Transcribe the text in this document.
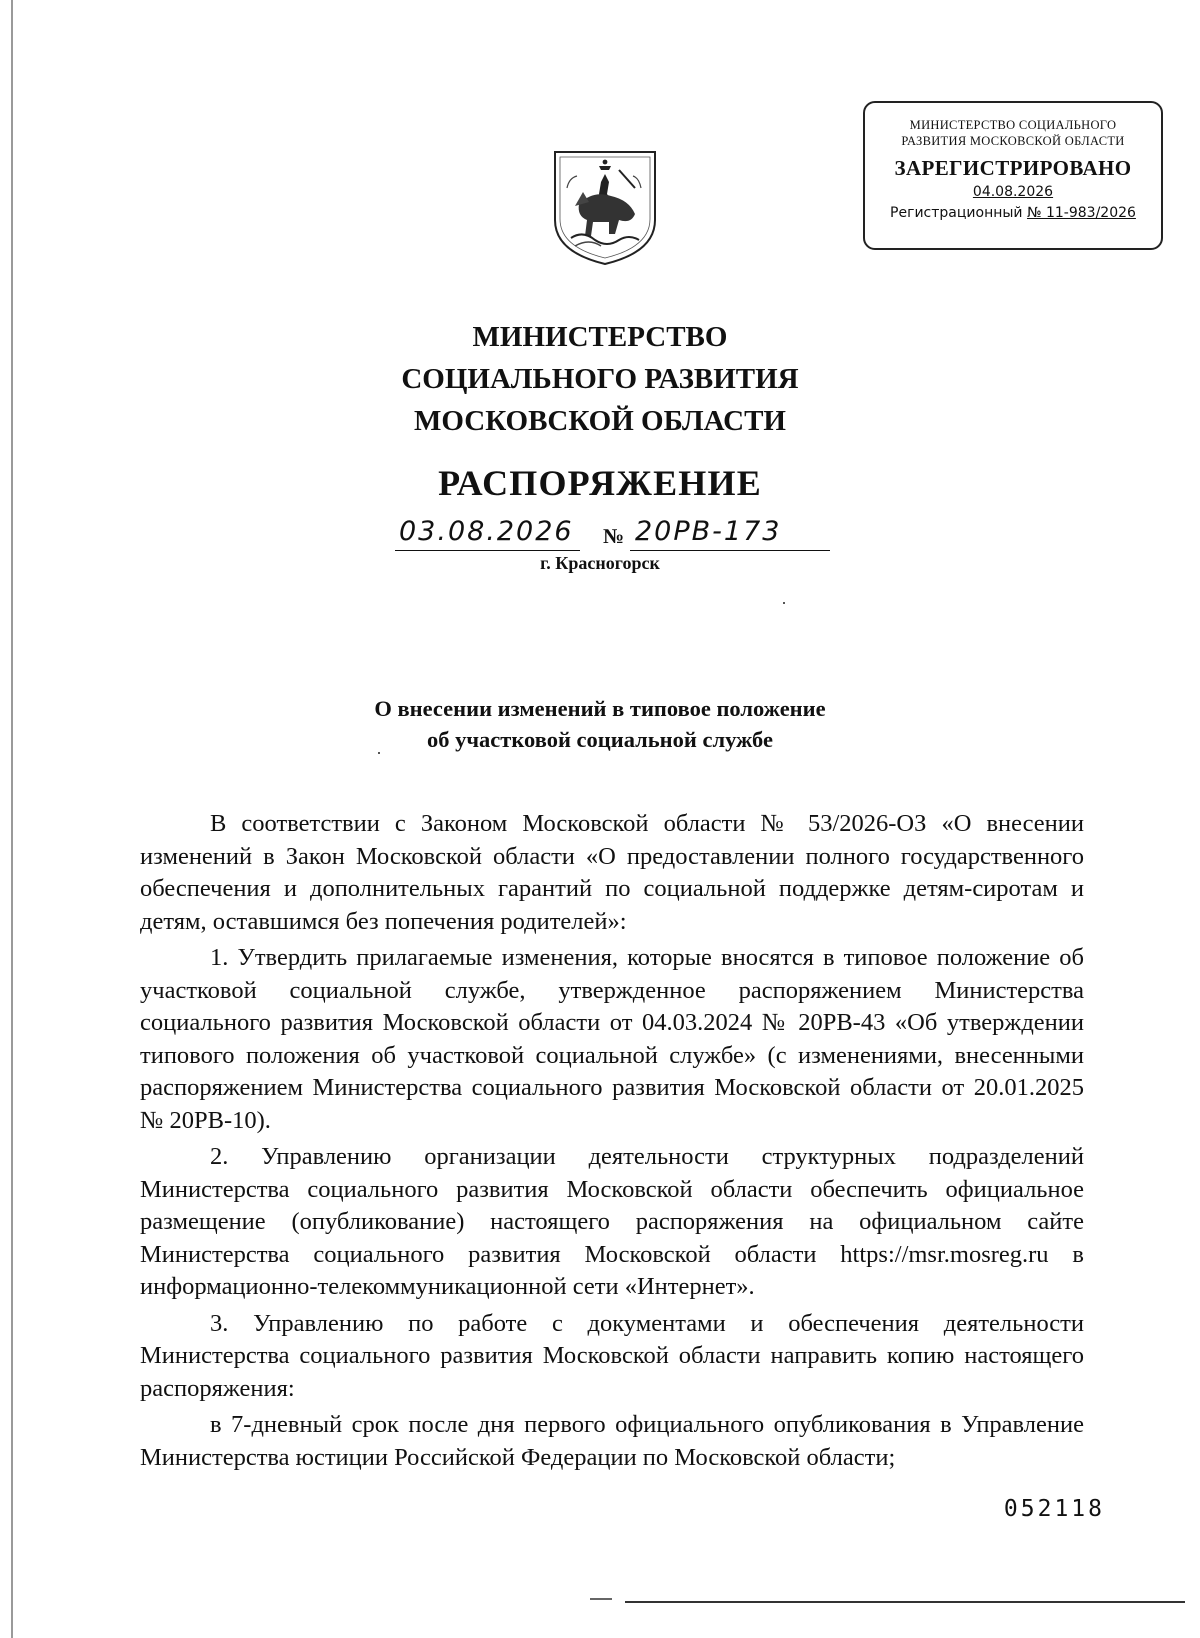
МИНИСТЕРСТВО СОЦИАЛЬНОГО
РАЗВИТИЯ МОСКОВСКОЙ ОБЛАСТИ
ЗАРЕГИСТРИРОВАНО
04.08.2026
Регистрационный № 11-983/2026
МИНИСТЕРСТВО
СОЦИАЛЬНОГО РАЗВИТИЯ
МОСКОВСКОЙ ОБЛАСТИ
РАСПОРЯЖЕНИЕ
03.08.2026 № 20РВ-173
г. Красногорск
О внесении изменений в типовое положение
об участковой социальной службе

В соответствии с Законом Московской области № 53/2026-ОЗ «О внесении изменений в Закон Московской области «О предоставлении полного государственного обеспечения и дополнительных гарантий по социальной поддержке детям-сиротам и детям, оставшимся без попечения родителей»:

1. Утвердить прилагаемые изменения, которые вносятся в типовое положение об участковой социальной службе, утвержденное распоряжением Министерства социального развития Московской области от 04.03.2024 № 20РВ-43 «Об утверждении типового положения об участковой социальной службе» (с изменениями, внесенными распоряжением Министерства социального развития Московской области от 20.01.2025 № 20РВ-10).

2. Управлению организации деятельности структурных подразделений Министерства социального развития Московской области обеспечить официальное размещение (опубликование) настоящего распоряжения на официальном сайте Министерства социального развития Московской области https://msr.mosreg.ru в информационно-телекоммуникационной сети «Интернет».

3. Управлению по работе с документами и обеспечения деятельности Министерства социального развития Московской области направить копию настоящего распоряжения:

в 7-дневный срок после дня первого официального опубликования в Управление Министерства юстиции Российской Федерации по Московской области;

052118
